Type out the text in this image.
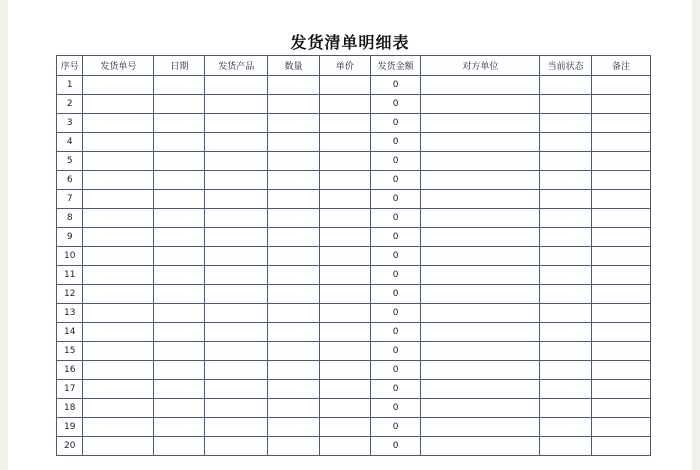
发货清单明细表
序号	发货单号	日期	发货产品	数量	单价	发货金额	对方单位	当前状态	备注
1						0			
2						0			
3						0			
4						0			
5						0			
6						0			
7						0			
8						0			
9						0			
10						0			
11						0			
12						0			
13						0			
14						0			
15						0			
16						0			
17						0			
18						0			
19						0			
20						0			
